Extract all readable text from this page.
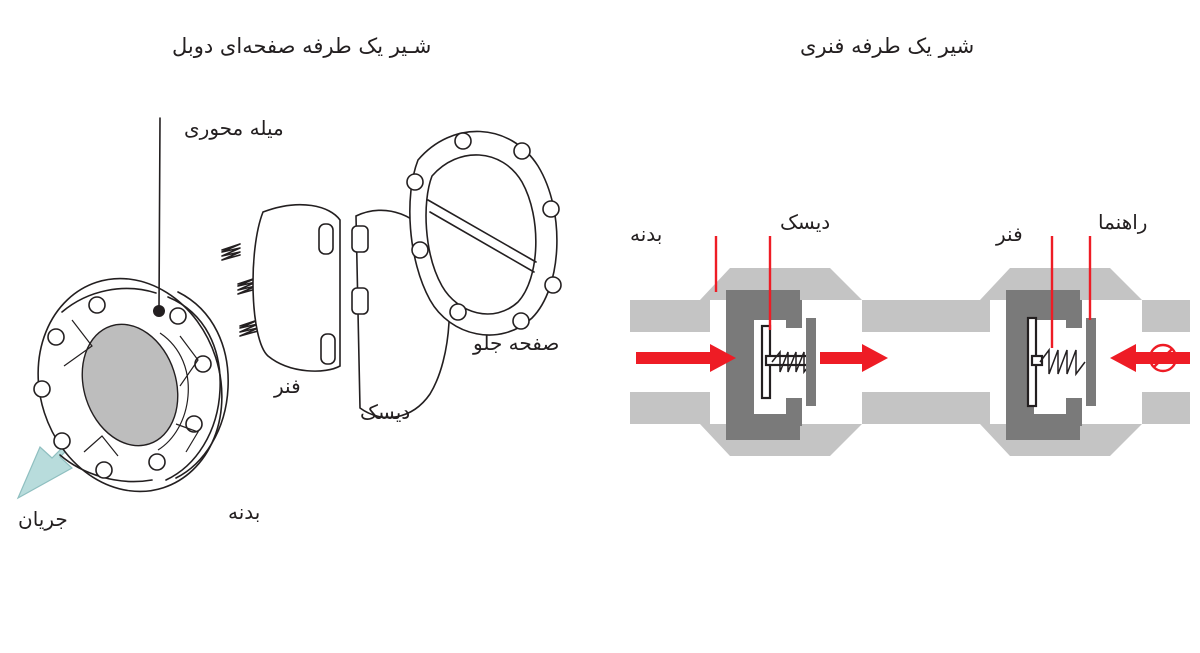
شـیر یک طرفه صفحه‌ای دوبل	شیر یک طرفه فنری
میله محوری
صفحه جلو
دیسک
فنر
بدنه
جریان
بدنه	دیسک	فنر	راهنما
